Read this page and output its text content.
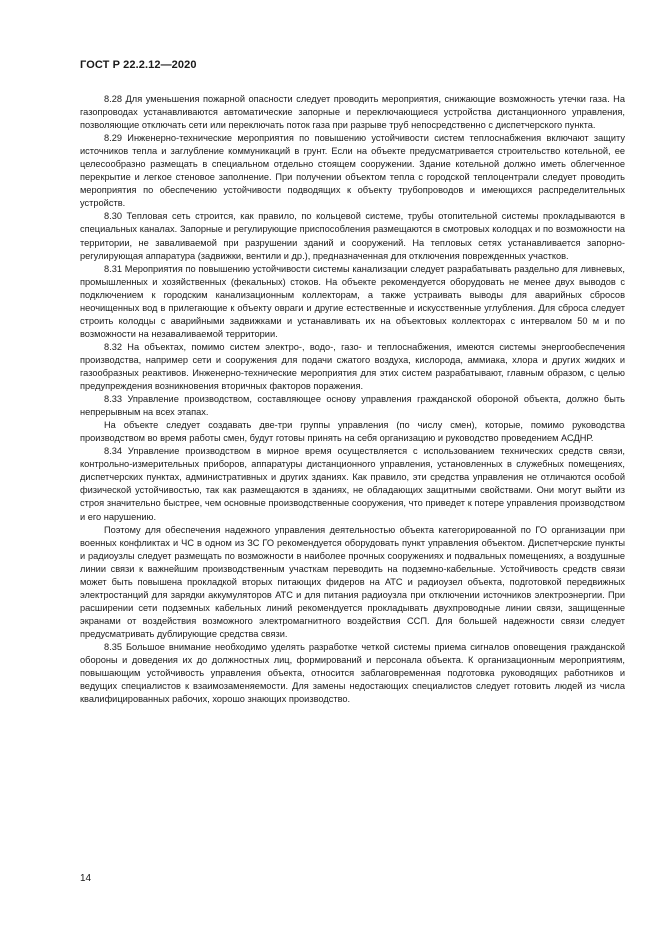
ГОСТ Р 22.2.12—2020

8.28 Для уменьшения пожарной опасности следует проводить мероприятия, снижающие возможность утечки газа. На газопроводах устанавливаются автоматические запорные и переключающиеся устройства дистанционного управления, позволяющие отключать сети или переключать поток газа при разрыве труб непосредственно с диспетчерского пункта.

8.29 Инженерно-технические мероприятия по повышению устойчивости систем теплоснабжения включают защиту источников тепла и заглубление коммуникаций в грунт. Если на объекте предусматривается строительство котельной, ее целесообразно размещать в специальном отдельно стоящем сооружении. Здание котельной должно иметь облегченное перекрытие и легкое стеновое заполнение. При получении объектом тепла с городской теплоцентрали следует проводить мероприятия по обеспечению устойчивости подводящих к объекту трубопроводов и имеющихся распределительных устройств.

8.30 Тепловая сеть строится, как правило, по кольцевой системе, трубы отопительной системы прокладываются в специальных каналах. Запорные и регулирующие приспособления размещаются в смотровых колодцах и по возможности на территории, не заваливаемой при разрушении зданий и сооружений. На тепловых сетях устанавливается запорно-регулирующая аппаратура (задвижки, вентили и др.), предназначенная для отключения поврежденных участков.

8.31 Мероприятия по повышению устойчивости системы канализации следует разрабатывать раздельно для ливневых, промышленных и хозяйственных (фекальных) стоков. На объекте рекомендуется оборудовать не менее двух выводов с подключением к городским канализационным коллекторам, а также устраивать выводы для аварийных сбросов неочищенных вод в прилегающие к объекту овраги и другие естественные и искусственные углубления. Для сброса следует строить колодцы с аварийными задвижками и устанавливать их на объектовых коллекторах с интервалом 50 м и по возможности на незаваливаемой территории.

8.32 На объектах, помимо систем электро-, водо-, газо- и теплоснабжения, имеются системы энергообеспечения производства, например сети и сооружения для подачи сжатого воздуха, кислорода, аммиака, хлора и других жидких и газообразных реактивов. Инженерно-технические мероприятия для этих систем разрабатывают, главным образом, с целью предупреждения возникновения вторичных факторов поражения.

8.33 Управление производством, составляющее основу управления гражданской обороной объекта, должно быть непрерывным на всех этапах.

На объекте следует создавать две-три группы управления (по числу смен), которые, помимо руководства производством во время работы смен, будут готовы принять на себя организацию и руководство проведением АСДНР.

8.34 Управление производством в мирное время осуществляется с использованием технических средств связи, контрольно-измерительных приборов, аппаратуры дистанционного управления, установленных в служебных помещениях, диспетчерских пунктах, административных и других зданиях. Как правило, эти средства управления не отличаются особой физической устойчивостью, так как размещаются в зданиях, не обладающих защитными свойствами. Они могут выйти из строя значительно быстрее, чем основные производственные сооружения, что приведет к потере управления производством и его нарушению.

Поэтому для обеспечения надежного управления деятельностью объекта категорированной по ГО организации при военных конфликтах и ЧС в одном из ЗС ГО рекомендуется оборудовать пункт управления объектом. Диспетчерские пункты и радиоузлы следует размещать по возможности в наиболее прочных сооружениях и подвальных помещениях, а воздушные линии связи к важнейшим производственным участкам переводить на подземно-кабельные. Устойчивость средств связи может быть повышена прокладкой вторых питающих фидеров на АТС и радиоузел объекта, подготовкой передвижных электростанций для зарядки аккумуляторов АТС и для питания радиоузла при отключении источников электроэнергии. При расширении сети подземных кабельных линий рекомендуется прокладывать двухпроводные линии связи, защищенные экранами от воздействия возможного электромагнитного воздействия ССП. Для большей надежности связи следует предусматривать дублирующие средства связи.

8.35 Большое внимание необходимо уделять разработке четкой системы приема сигналов оповещения гражданской обороны и доведения их до должностных лиц, формирований и персонала объекта. К организационным мероприятиям, повышающим устойчивость управления объекта, относится заблаговременная подготовка руководящих работников и ведущих специалистов к взаимозаменяемости. Для замены недостающих специалистов следует готовить людей из числа квалифицированных рабочих, хорошо знающих производство.

14
